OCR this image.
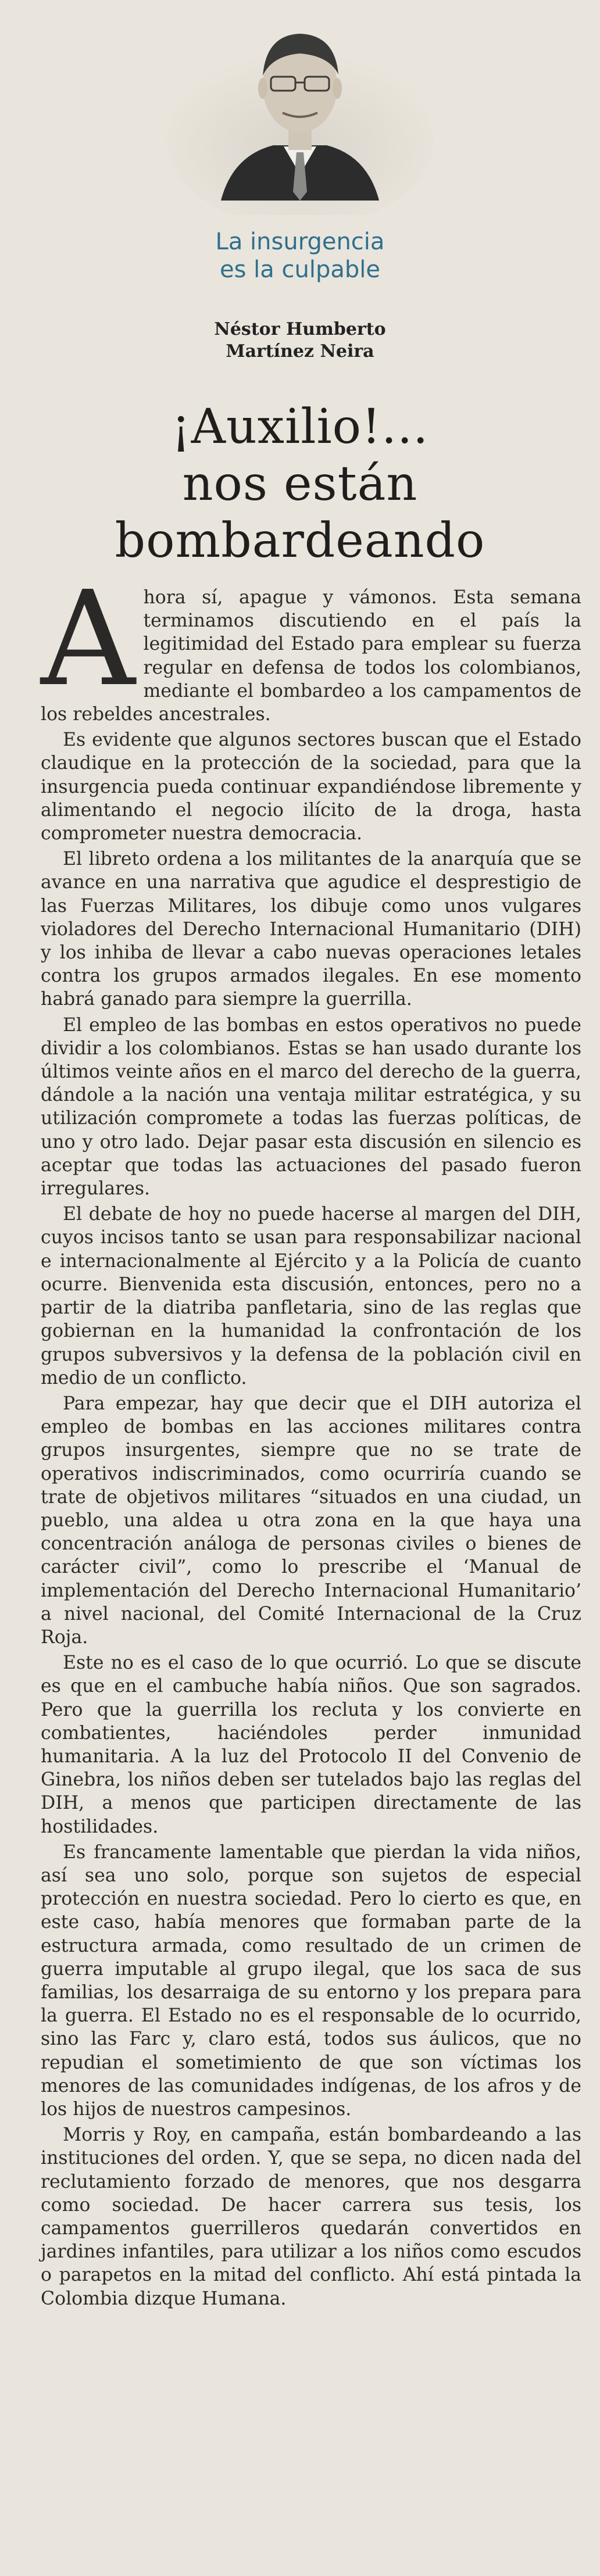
La insurgencia
es la culpable
Néstor Humberto
Martínez Neira
¡Auxilio!...
nos están
bombardeando

Ahora sí, apague y vámonos. Esta semana terminamos discutiendo en el país la legitimidad del Estado para emplear su fuerza regular en defensa de todos los colombianos, mediante el bombardeo a los campamentos de los rebeldes ancestrales.

Es evidente que algunos sectores buscan que el Estado claudique en la protección de la sociedad, para que la insurgencia pueda continuar expandiéndose libremente y alimentando el negocio ilícito de la droga, hasta comprometer nuestra democracia.

El libreto ordena a los militantes de la anarquía que se avance en una narrativa que agudice el desprestigio de las Fuerzas Militares, los dibuje como unos vulgares violadores del Derecho Internacional Humanitario (DIH) y los inhiba de llevar a cabo nuevas operaciones letales contra los grupos armados ilegales. En ese momento habrá ganado para siempre la guerrilla.

El empleo de las bombas en estos operativos no puede dividir a los colombianos. Estas se han usado durante los últimos veinte años en el marco del derecho de la guerra, dándole a la nación una ventaja militar estratégica, y su utilización compromete a todas las fuerzas políticas, de uno y otro lado. Dejar pasar esta discusión en silencio es aceptar que todas las actuaciones del pasado fueron irregulares.

El debate de hoy no puede hacerse al margen del DIH, cuyos incisos tanto se usan para responsabilizar nacional e internacionalmente al Ejército y a la Policía de cuanto ocurre. Bienvenida esta discusión, entonces, pero no a partir de la diatriba panfletaria, sino de las reglas que gobiernan en la humanidad la confrontación de los grupos subversivos y la defensa de la población civil en medio de un conflicto.

Para empezar, hay que decir que el DIH autoriza el empleo de bombas en las acciones militares contra grupos insurgentes, siempre que no se trate de operativos indiscriminados, como ocurriría cuando se trate de objetivos militares “situados en una ciudad, un pueblo, una aldea u otra zona en la que haya una concentración análoga de personas civiles o bienes de carácter civil”, como lo prescribe el ‘Manual de implementación del Derecho Internacional Humanitario’ a nivel nacional, del Comité Internacional de la Cruz Roja.

Este no es el caso de lo que ocurrió. Lo que se discute es que en el cambuche había niños. Que son sagrados. Pero que la guerrilla los recluta y los convierte en combatientes, haciéndoles perder inmunidad humanitaria. A la luz del Protocolo II del Convenio de Ginebra, los niños deben ser tutelados bajo las reglas del DIH, a menos que participen directamente de las hostilidades.

Es francamente lamentable que pierdan la vida niños, así sea uno solo, porque son sujetos de especial protección en nuestra sociedad. Pero lo cierto es que, en este caso, había menores que formaban parte de la estructura armada, como resultado de un crimen de guerra imputable al grupo ilegal, que los saca de sus familias, los desarraiga de su entorno y los prepara para la guerra. El Estado no es el responsable de lo ocurrido, sino las Farc y, claro está, todos sus áulicos, que no repudian el sometimiento de que son víctimas los menores de las comunidades indígenas, de los afros y de los hijos de nuestros campesinos.

Morris y Roy, en campaña, están bombardeando a las instituciones del orden. Y, que se sepa, no dicen nada del reclutamiento forzado de menores, que nos desgarra como sociedad. De hacer carrera sus tesis, los campamentos guerrilleros quedarán convertidos en jardines infantiles, para utilizar a los niños como escudos o parapetos en la mitad del conflicto. Ahí está pintada la Colombia dizque Humana.
